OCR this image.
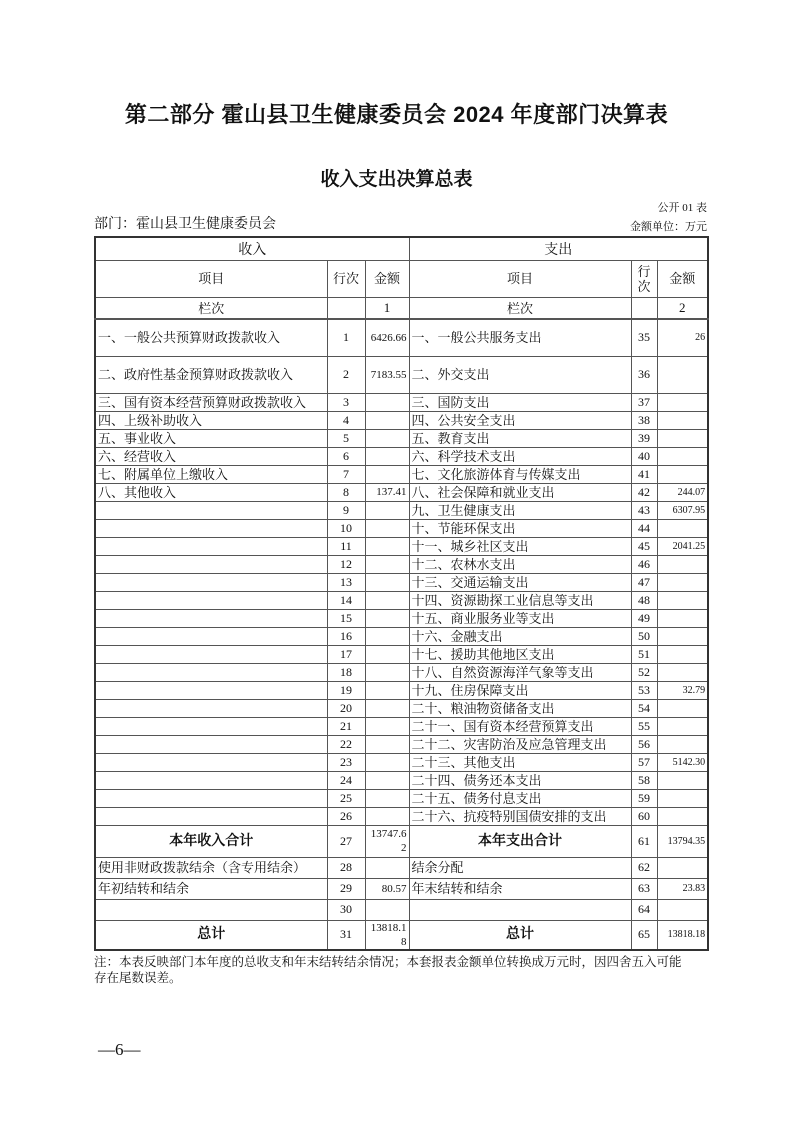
第二部分 霍山县卫生健康委员会 2024 年度部门决算表
收入支出决算总表
公开 01 表
部门：霍山县卫生健康委员会	金额单位：万元
收入			支出		
项目	行次	金额	项目	行次	金额
栏次		1	栏次		2
一、一般公共预算财政拨款收入	1	6426.66	一、一般公共服务支出	35	26
二、政府性基金预算财政拨款收入	2	7183.55	二、外交支出	36	
三、国有资本经营预算财政拨款收入	3		三、国防支出	37	
四、上级补助收入	4		四、公共安全支出	38	
五、事业收入	5		五、教育支出	39	
六、经营收入	6		六、科学技术支出	40	
七、附属单位上缴收入	7		七、文化旅游体育与传媒支出	41	
八、其他收入	8	137.41	八、社会保障和就业支出	42	244.07
	9		九、卫生健康支出	43	6307.95
	10		十、节能环保支出	44	
	11		十一、城乡社区支出	45	2041.25
	12		十二、农林水支出	46	
	13		十三、交通运输支出	47	
	14		十四、资源勘探工业信息等支出	48	
	15		十五、商业服务业等支出	49	
	16		十六、金融支出	50	
	17		十七、援助其他地区支出	51	
	18		十八、自然资源海洋气象等支出	52	
	19		十九、住房保障支出	53	32.79
	20		二十、粮油物资储备支出	54	
	21		二十一、国有资本经营预算支出	55	
	22		二十二、灾害防治及应急管理支出	56	
	23		二十三、其他支出	57	5142.30
	24		二十四、债务还本支出	58	
	25		二十五、债务付息支出	59	
	26		二十六、抗疫特别国债安排的支出	60	
本年收入合计	27	13747.62	本年支出合计	61	13794.35
使用非财政拨款结余（含专用结余）	28		结余分配	62	
年初结转和结余	29	80.57	年末结转和结余	63	23.83
	30			64	
总计	31	13818.18	总计	65	13818.18
注：本表反映部门本年度的总收支和年末结转结余情况；本套报表金额单位转换成万元时，因四舍五入可能
存在尾数误差。
—6—
